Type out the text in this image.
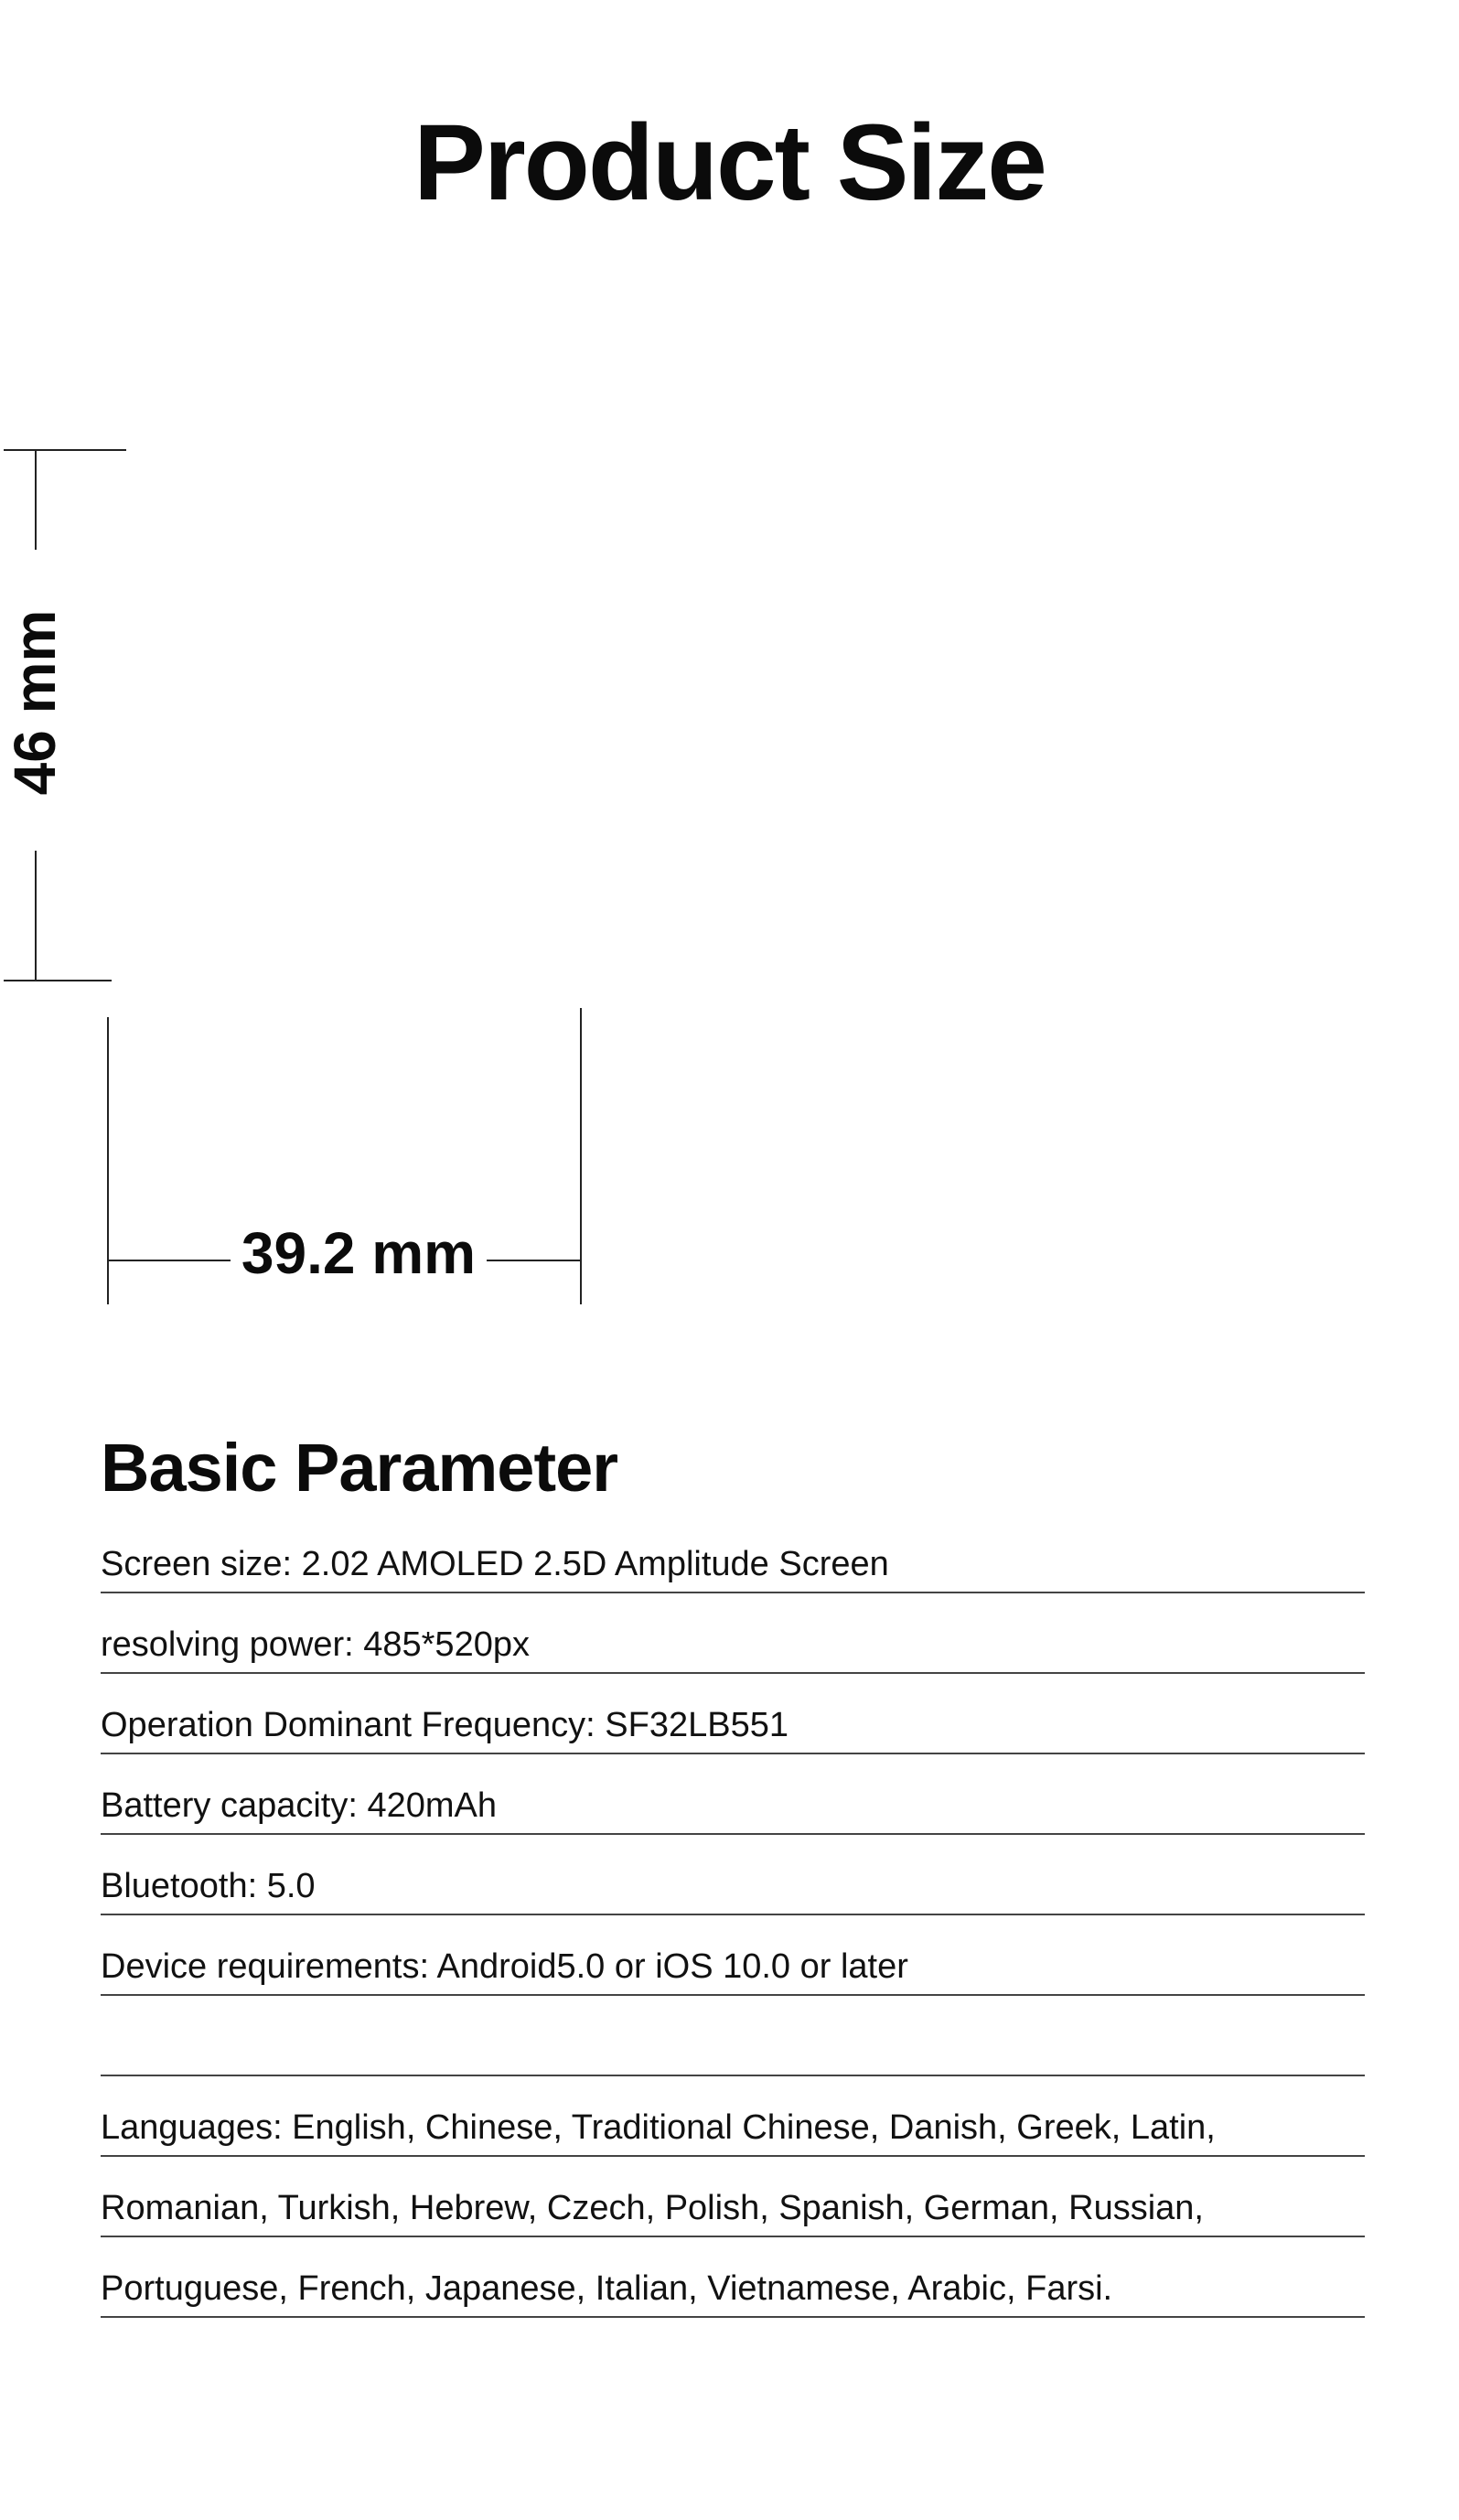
Product Size
46 mm
39.2 mm
Basic Parameter
Screen size: 2.02 AMOLED 2.5D Amplitude Screen
resolving power: 485*520px
Operation Dominant Frequency: SF32LB551
Battery capacity: 420mAh
Bluetooth: 5.0
Device requirements: Android5.0 or iOS 10.0 or later
Languages: English, Chinese, Traditional Chinese, Danish, Greek, Latin,
Romanian, Turkish, Hebrew, Czech, Polish, Spanish, German, Russian,
Portuguese, French, Japanese, Italian, Vietnamese, Arabic, Farsi.
